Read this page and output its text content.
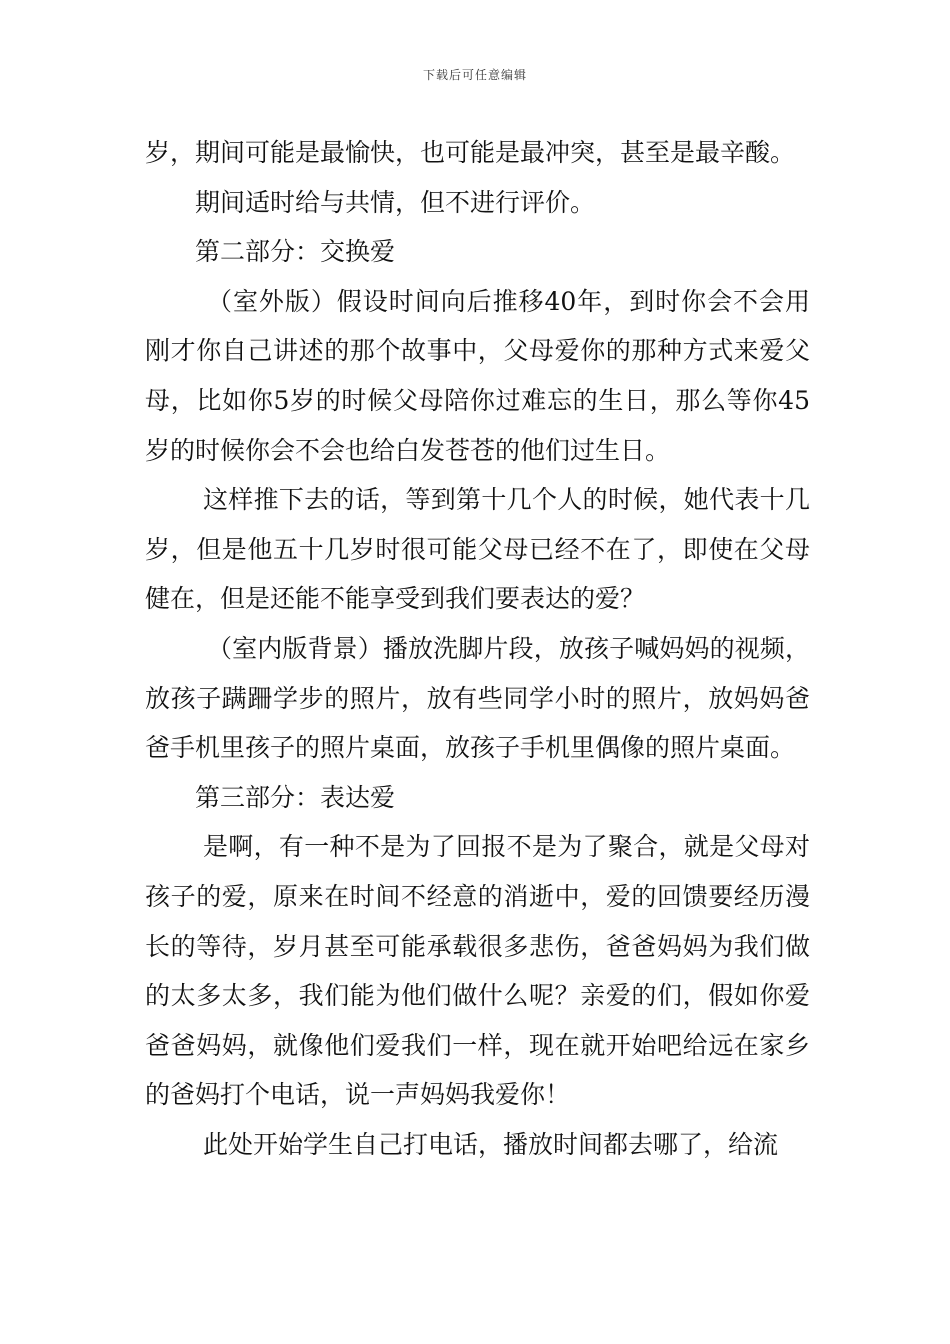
下载后可任意编辑

岁，期间可能是最愉快，也可能是最冲突，甚至是最辛酸。

期间适时给与共情，但不进行评价。

第二部分：交换爱

（室外版）假设时间向后推移40年，到时你会不会用刚才你自己讲述的那个故事中，父母爱你的那种方式来爱父母，比如你5岁的时候父母陪你过难忘的生日，那么等你45岁的时候你会不会也给白发苍苍的他们过生日。

这样推下去的话，等到第十几个人的时候，她代表十几岁，但是他五十几岁时很可能父母已经不在了，即使在父母健在，但是还能不能享受到我们要表达的爱？

（室内版背景）播放洗脚片段，放孩子喊妈妈的视频，放孩子蹒跚学步的照片，放有些同学小时的照片，放妈妈爸爸手机里孩子的照片桌面，放孩子手机里偶像的照片桌面。

第三部分：表达爱

是啊，有一种不是为了回报不是为了聚合，就是父母对孩子的爱，原来在时间不经意的消逝中，爱的回馈要经历漫长的等待，岁月甚至可能承载很多悲伤，爸爸妈妈为我们做的太多太多，我们能为他们做什么呢？亲爱的们，假如你爱爸爸妈妈，就像他们爱我们一样，现在就开始吧给远在家乡的爸妈打个电话，说一声妈妈我爱你！

此处开始学生自己打电话，播放时间都去哪了，给流
